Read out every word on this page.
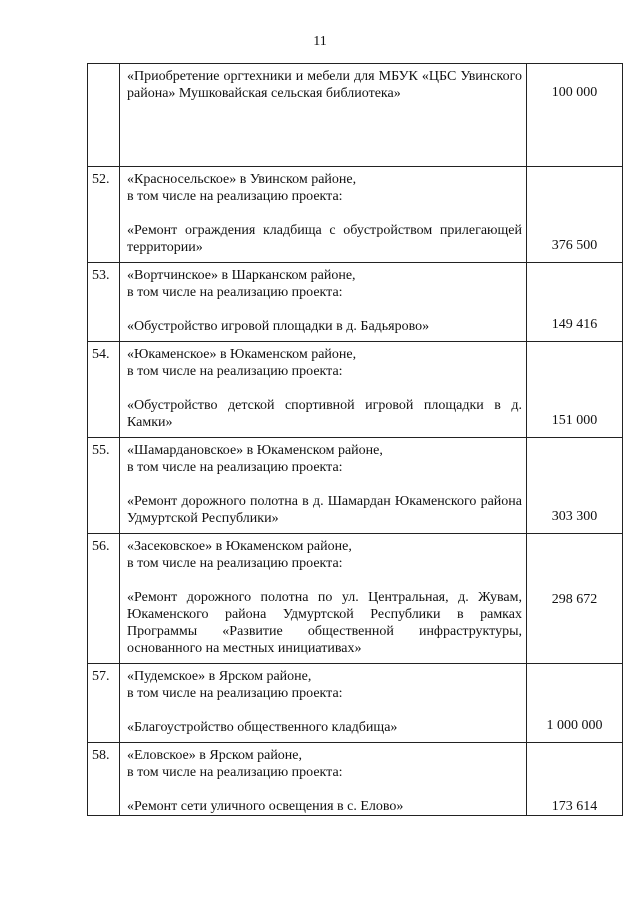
11

	«Приобретение оргтехники и мебели для МБУК «ЦБС Увинского района» Мушковайская сельская библиотека»	100 000
52.	«Красносельское» в Увинском районе,
в том числе на реализацию проекта:
«Ремонт ограждения кладбища с обустройством прилегающей территории»	376 500
53.	«Вортчинское» в Шарканском районе,
в том числе на реализацию проекта:
«Обустройство игровой площадки в д. Бадьярово»	149 416
54.	«Юкаменское» в Юкаменском районе,
в том числе на реализацию проекта:
«Обустройство детской спортивной игровой площадки в д. Камки»	151 000
55.	«Шамардановское» в Юкаменском районе,
в том числе на реализацию проекта:
«Ремонт дорожного полотна в д. Шамардан Юкаменского района Удмуртской Республики»	303 300
56.	«Засековское» в Юкаменском районе,
в том числе на реализацию проекта:
«Ремонт дорожного полотна по ул. Центральная, д. Жувам, Юкаменского района Удмуртской Республики в рамках Программы «Развитие общественной инфраструктуры, основанного на местных инициативах»	298 672
57.	«Пудемское» в Ярском районе,
в том числе на реализацию проекта:
«Благоустройство общественного кладбища»	1 000 000
58.	«Еловское» в Ярском районе,
в том числе на реализацию проекта:
«Ремонт сети уличного освещения в с. Елово»	173 614
